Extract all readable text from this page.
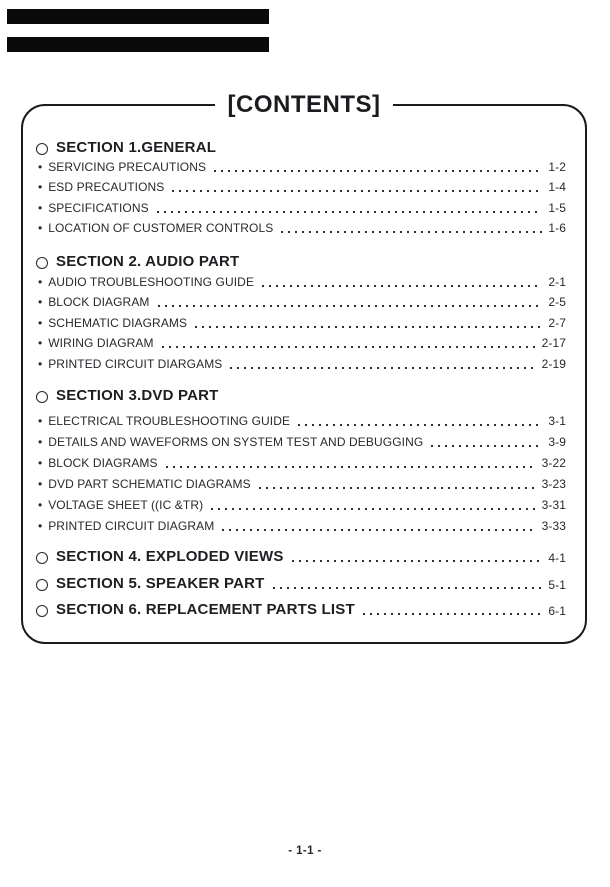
[CONTENTS]
SECTION 1.GENERAL
• SERVICING PRECAUTIONS	1-2
• ESD PRECAUTIONS	1-4
• SPECIFICATIONS	1-5
• LOCATION OF CUSTOMER CONTROLS	1-6
SECTION 2. AUDIO PART
• AUDIO TROUBLESHOOTING GUIDE	2-1
• BLOCK DIAGRAM	2-5
• SCHEMATIC DIAGRAMS	2-7
• WIRING DIAGRAM	2-17
• PRINTED CIRCUIT DIARGAMS	2-19
SECTION 3.DVD PART
• ELECTRICAL TROUBLESHOOTING GUIDE	3-1
• DETAILS AND WAVEFORMS ON SYSTEM TEST AND DEBUGGING	3-9
• BLOCK DIAGRAMS	3-22
• DVD PART SCHEMATIC DIAGRAMS	3-23
• VOLTAGE SHEET ((IC &TR)	3-31
• PRINTED CIRCUIT DIAGRAM	3-33
SECTION 4. EXPLODED VIEWS	4-1
SECTION 5. SPEAKER PART	5-1
SECTION 6. REPLACEMENT PARTS LIST	6-1
- 1-1 -
